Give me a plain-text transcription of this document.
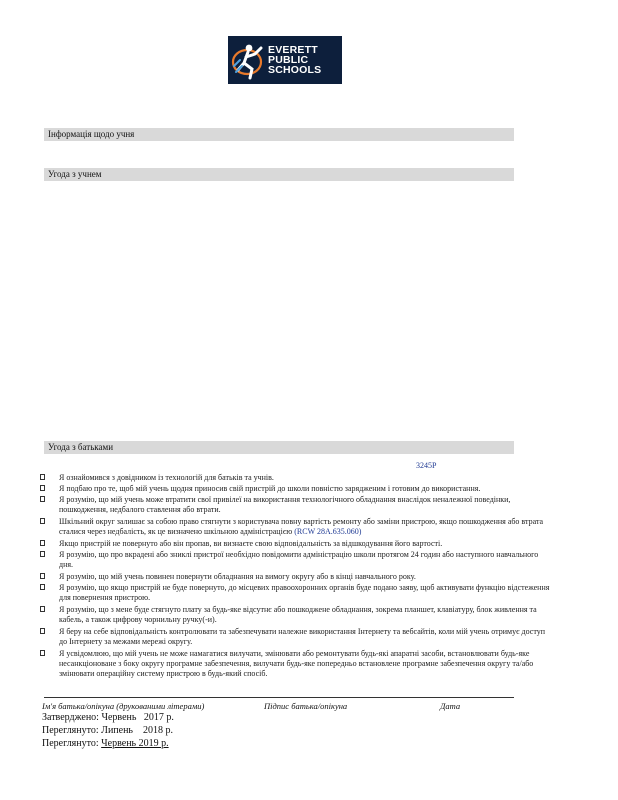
EVERETT
PUBLIC
SCHOOLS
Інформація щодо учня
Угода з учнем
Угода з батьками
3245P
Я ознайомився з довідником із технологій для батьків та учнів.
Я подбаю про те, щоб мій учень щодня приносив свій пристрій до школи повністю зарядженим і готовим до використання.
Я розумію, що мій учень може втратити свої привілеї на використання технологічного обладнання внаслідок неналежної поведінки, пошкодження, недбалого ставлення або втрати.
Шкільний округ залишає за собою право стягнути з користувача повну вартість ремонту або заміни пристрою, якщо пошкодження або втрата сталися через недбалість, як це визначено шкільною адміністрацією (RCW 28A.635.060)
Якщо пристрій не повернуто або він пропав, ви визнаєте свою відповідальність за відшкодування його вартості.
Я розумію, що про вкрадені або зниклі пристрої необхідно повідомити адміністрацію школи протягом 24 годин або наступного навчального дня.
Я розумію, що мій учень повинен повернути обладнання на вимогу округу або в кінці навчального року.
Я розумію, що якщо пристрій не буде повернуто, до місцевих правоохоронних органів буде подано заяву, щоб активувати функцію відстеження для повернення пристрою.
Я розумію, що з мене буде стягнуто плату за будь-яке відсутнє або пошкоджене обладнання, зокрема планшет, клавіатуру, блок живлення та кабель, а також цифрову чорнильну ручку(-и).
Я беру на себе відповідальність контролювати та забезпечувати належне використання Інтернету та вебсайтів, коли мій учень отримує доступ до Інтернету за межами мережі округу.
Я усвідомлюю, що мій учень не може намагатися вилучати, змінювати або ремонтувати будь-які апаратні засоби, встановлювати будь-яке несанкціоноване з боку округу програмне забезпечення, вилучати будь-яке попередньо встановлене програмне забезпечення округу та/або змінювати операційну систему пристрою в будь-який спосіб.
Ім'я батька/опікуна (друкованими літерами)	Підпис батька/опікуна	Дата
Затверджено: Червень   2017 р.
Переглянуто: Липень    2018 р.
Переглянуто: Червень 2019 р.
